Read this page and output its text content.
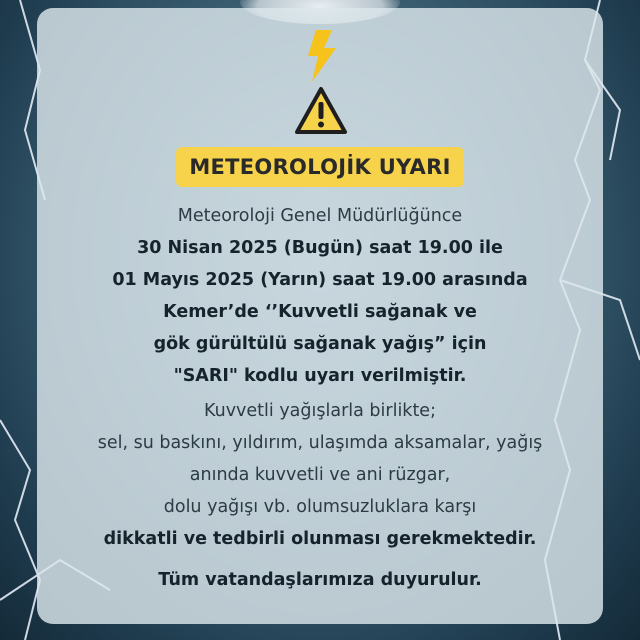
METEOROLOJİK UYARI
Meteoroloji Genel Müdürlüğünce
30 Nisan 2025 (Bugün) saat 19.00 ile
01 Mayıs 2025 (Yarın) saat 19.00 arasında
Kemer’de ‘’Kuvvetli sağanak ve
gök gürültülü sağanak yağış” için
"SARI" kodlu uyarı verilmiştir.
Kuvvetli yağışlarla birlikte;
sel, su baskını, yıldırım, ulaşımda aksamalar, yağış
anında kuvvetli ve ani rüzgar,
dolu yağışı vb. olumsuzluklara karşı
dikkatli ve tedbirli olunması gerekmektedir.
Tüm vatandaşlarımıza duyurulur.
